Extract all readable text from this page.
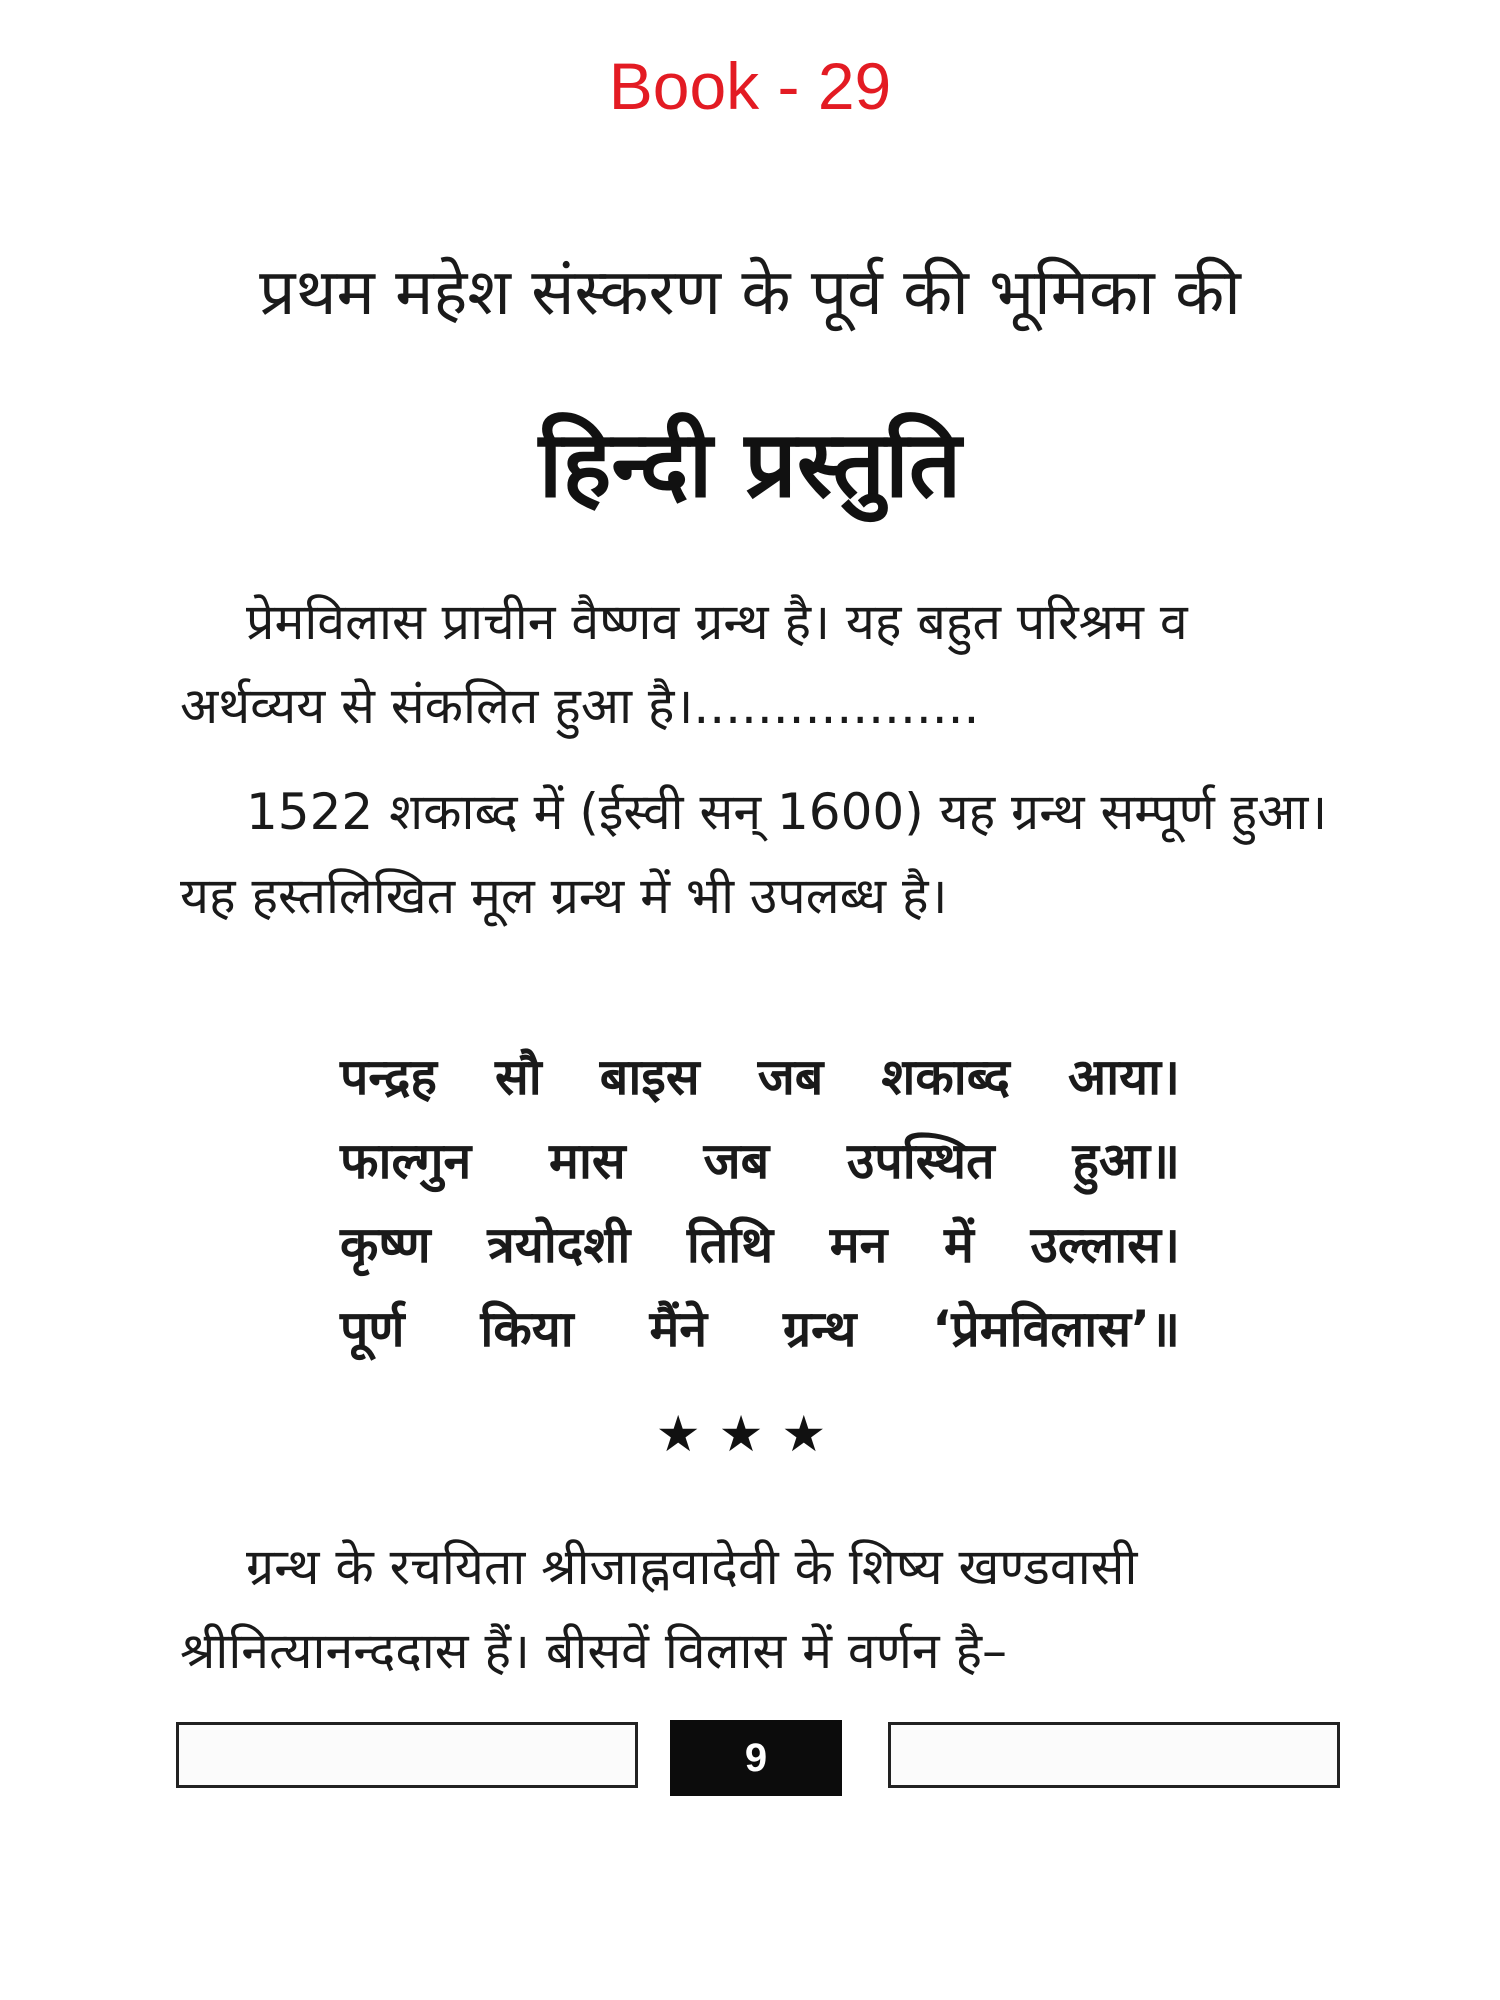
Book - 29
प्रथम महेश संस्करण के पूर्व की भूमिका की
हिन्दी प्रस्तुति

प्रेमविलास प्राचीन वैष्णव ग्रन्थ है। यह बहुत परिश्रम व अर्थव्यय से संकलित हुआ है।..................

1522 शकाब्द में (ईस्वी सन् 1600) यह ग्रन्थ सम्पूर्ण हुआ। यह हस्तलिखित मूल ग्रन्थ में भी उपलब्ध है।

पन्द्रह सौ बाइस जब शकाब्द आया।
फाल्गुन मास जब उपस्थित हुआ॥
कृष्ण त्रयोदशी तिथि मन में उल्लास।
पूर्ण किया मैंने ग्रन्थ ‘प्रेमविलास’॥
★★★

ग्रन्थ के रचयिता श्रीजाह्नवादेवी के शिष्य खण्डवासी श्रीनित्यानन्ददास हैं। बीसवें विलास में वर्णन है–

9
